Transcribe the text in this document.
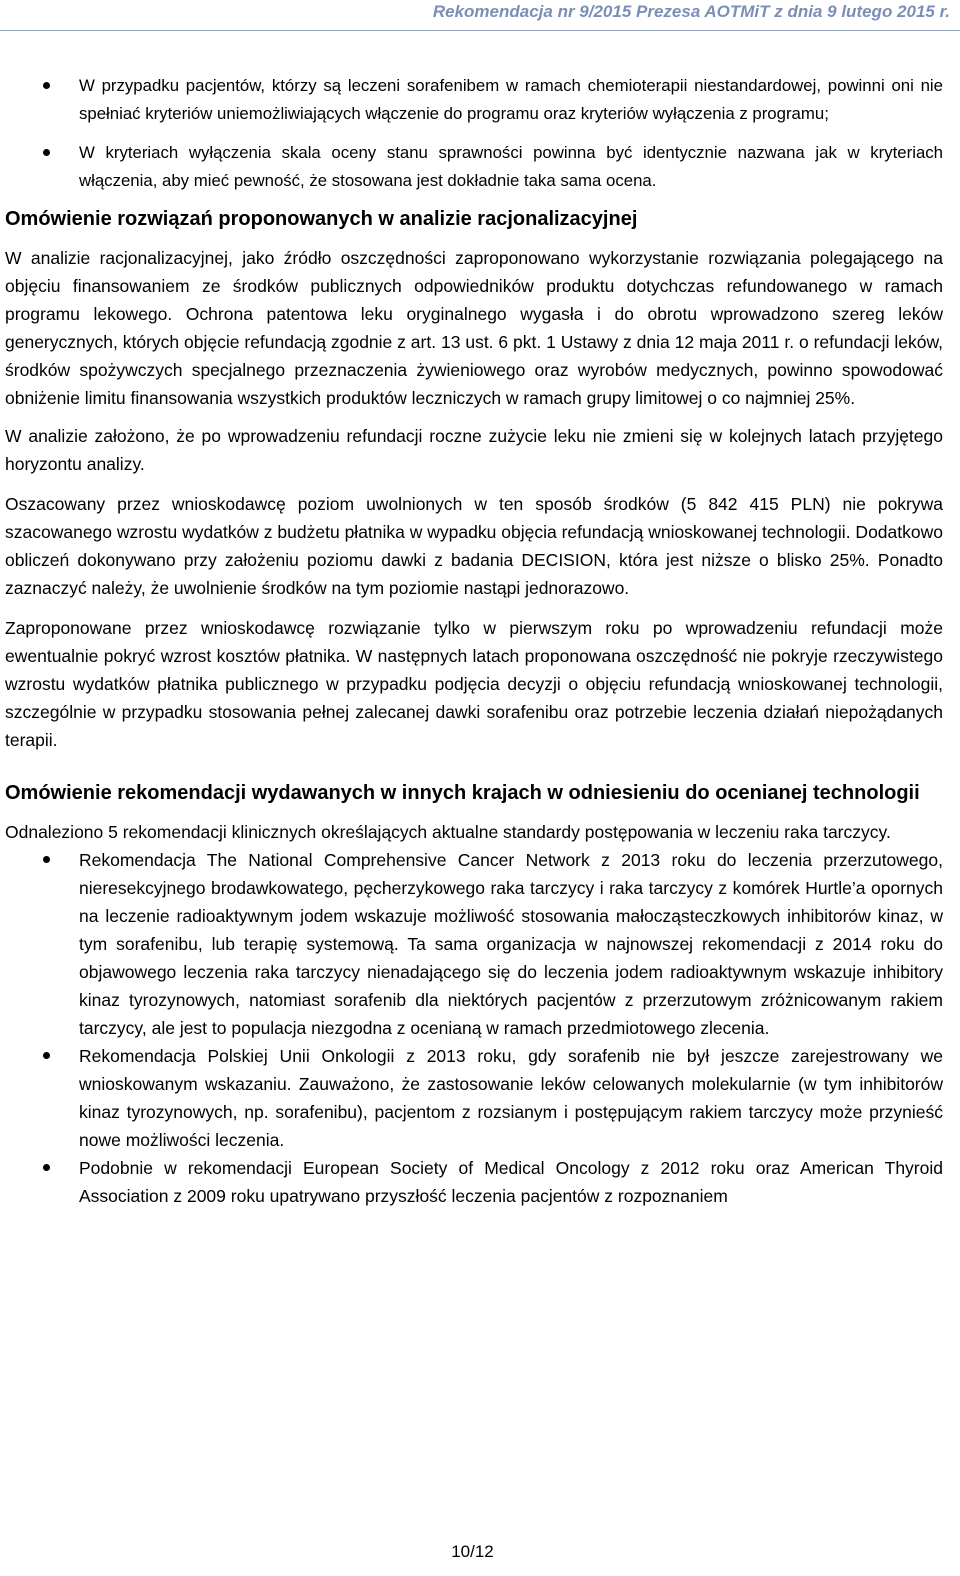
Rekomendacja nr 9/2015 Prezesa AOTMiT z dnia 9 lutego 2015 r.
W przypadku pacjentów, którzy są leczeni sorafenibem w ramach chemioterapii niestandardowej, powinni oni nie spełniać kryteriów uniemożliwiających włączenie do programu oraz kryteriów wyłączenia z programu;
W kryteriach wyłączenia skala oceny stanu sprawności powinna być identycznie nazwana jak w kryteriach włączenia, aby mieć pewność, że stosowana jest dokładnie taka sama ocena.
Omówienie rozwiązań proponowanych w analizie racjonalizacyjnej

W analizie racjonalizacyjnej, jako źródło oszczędności zaproponowano wykorzystanie rozwiązania polegającego na objęciu finansowaniem ze środków publicznych odpowiedników produktu dotychczas refundowanego w ramach programu lekowego. Ochrona patentowa leku oryginalnego wygasła i do obrotu wprowadzono szereg leków generycznych, których objęcie refundacją zgodnie z art. 13 ust. 6 pkt. 1 Ustawy z dnia 12 maja 2011 r. o refundacji leków, środków spożywczych specjalnego przeznaczenia żywieniowego oraz wyrobów medycznych, powinno spowodować obniżenie limitu finansowania wszystkich produktów leczniczych w ramach grupy limitowej o co najmniej 25%.

W analizie założono, że po wprowadzeniu refundacji roczne zużycie leku nie zmieni się w kolejnych latach przyjętego horyzontu analizy.

Oszacowany przez wnioskodawcę poziom uwolnionych w ten sposób środków (5 842 415 PLN) nie pokrywa szacowanego wzrostu wydatków z budżetu płatnika w wypadku objęcia refundacją wnioskowanej technologii. Dodatkowo obliczeń dokonywano przy założeniu poziomu dawki z badania DECISION, która jest niższe o blisko 25%. Ponadto zaznaczyć należy, że uwolnienie środków na tym poziomie nastąpi jednorazowo.

Zaproponowane przez wnioskodawcę rozwiązanie tylko w pierwszym roku po wprowadzeniu refundacji może ewentualnie pokryć wzrost kosztów płatnika. W następnych latach proponowana oszczędność nie pokryje rzeczywistego wzrostu wydatków płatnika publicznego w przypadku podjęcia decyzji o objęciu refundacją wnioskowanej technologii, szczególnie w przypadku stosowania pełnej zalecanej dawki sorafenibu oraz potrzebie leczenia działań niepożądanych terapii.

Omówienie rekomendacji wydawanych w innych krajach w odniesieniu do ocenianej technologii

Odnaleziono 5 rekomendacji klinicznych określających aktualne standardy postępowania w leczeniu raka tarczycy.

Rekomendacja The National Comprehensive Cancer Network z 2013 roku do leczenia przerzutowego, nieresekcyjnego brodawkowatego, pęcherzykowego raka tarczycy i raka tarczycy z komórek Hurtle’a opornych na leczenie radioaktywnym jodem wskazuje możliwość stosowania małocząsteczkowych inhibitorów kinaz, w tym sorafenibu, lub terapię systemową. Ta sama organizacja w najnowszej rekomendacji z 2014 roku do objawowego leczenia raka tarczycy nienadającego się do leczenia jodem radioaktywnym wskazuje inhibitory kinaz tyrozynowych, natomiast sorafenib dla niektórych pacjentów z przerzutowym zróżnicowanym rakiem tarczycy, ale jest to populacja niezgodna z ocenianą w ramach przedmiotowego zlecenia.
Rekomendacja Polskiej Unii Onkologii z 2013 roku, gdy sorafenib nie był jeszcze zarejestrowany we wnioskowanym wskazaniu. Zauważono, że zastosowanie leków celowanych molekularnie (w tym inhibitorów kinaz tyrozynowych, np. sorafenibu), pacjentom z rozsianym i postępującym rakiem tarczycy może przynieść nowe możliwości leczenia.
Podobnie w rekomendacji European Society of Medical Oncology z 2012 roku oraz American Thyroid Association z 2009 roku upatrywano przyszłość leczenia pacjentów z rozpoznaniem
10/12
